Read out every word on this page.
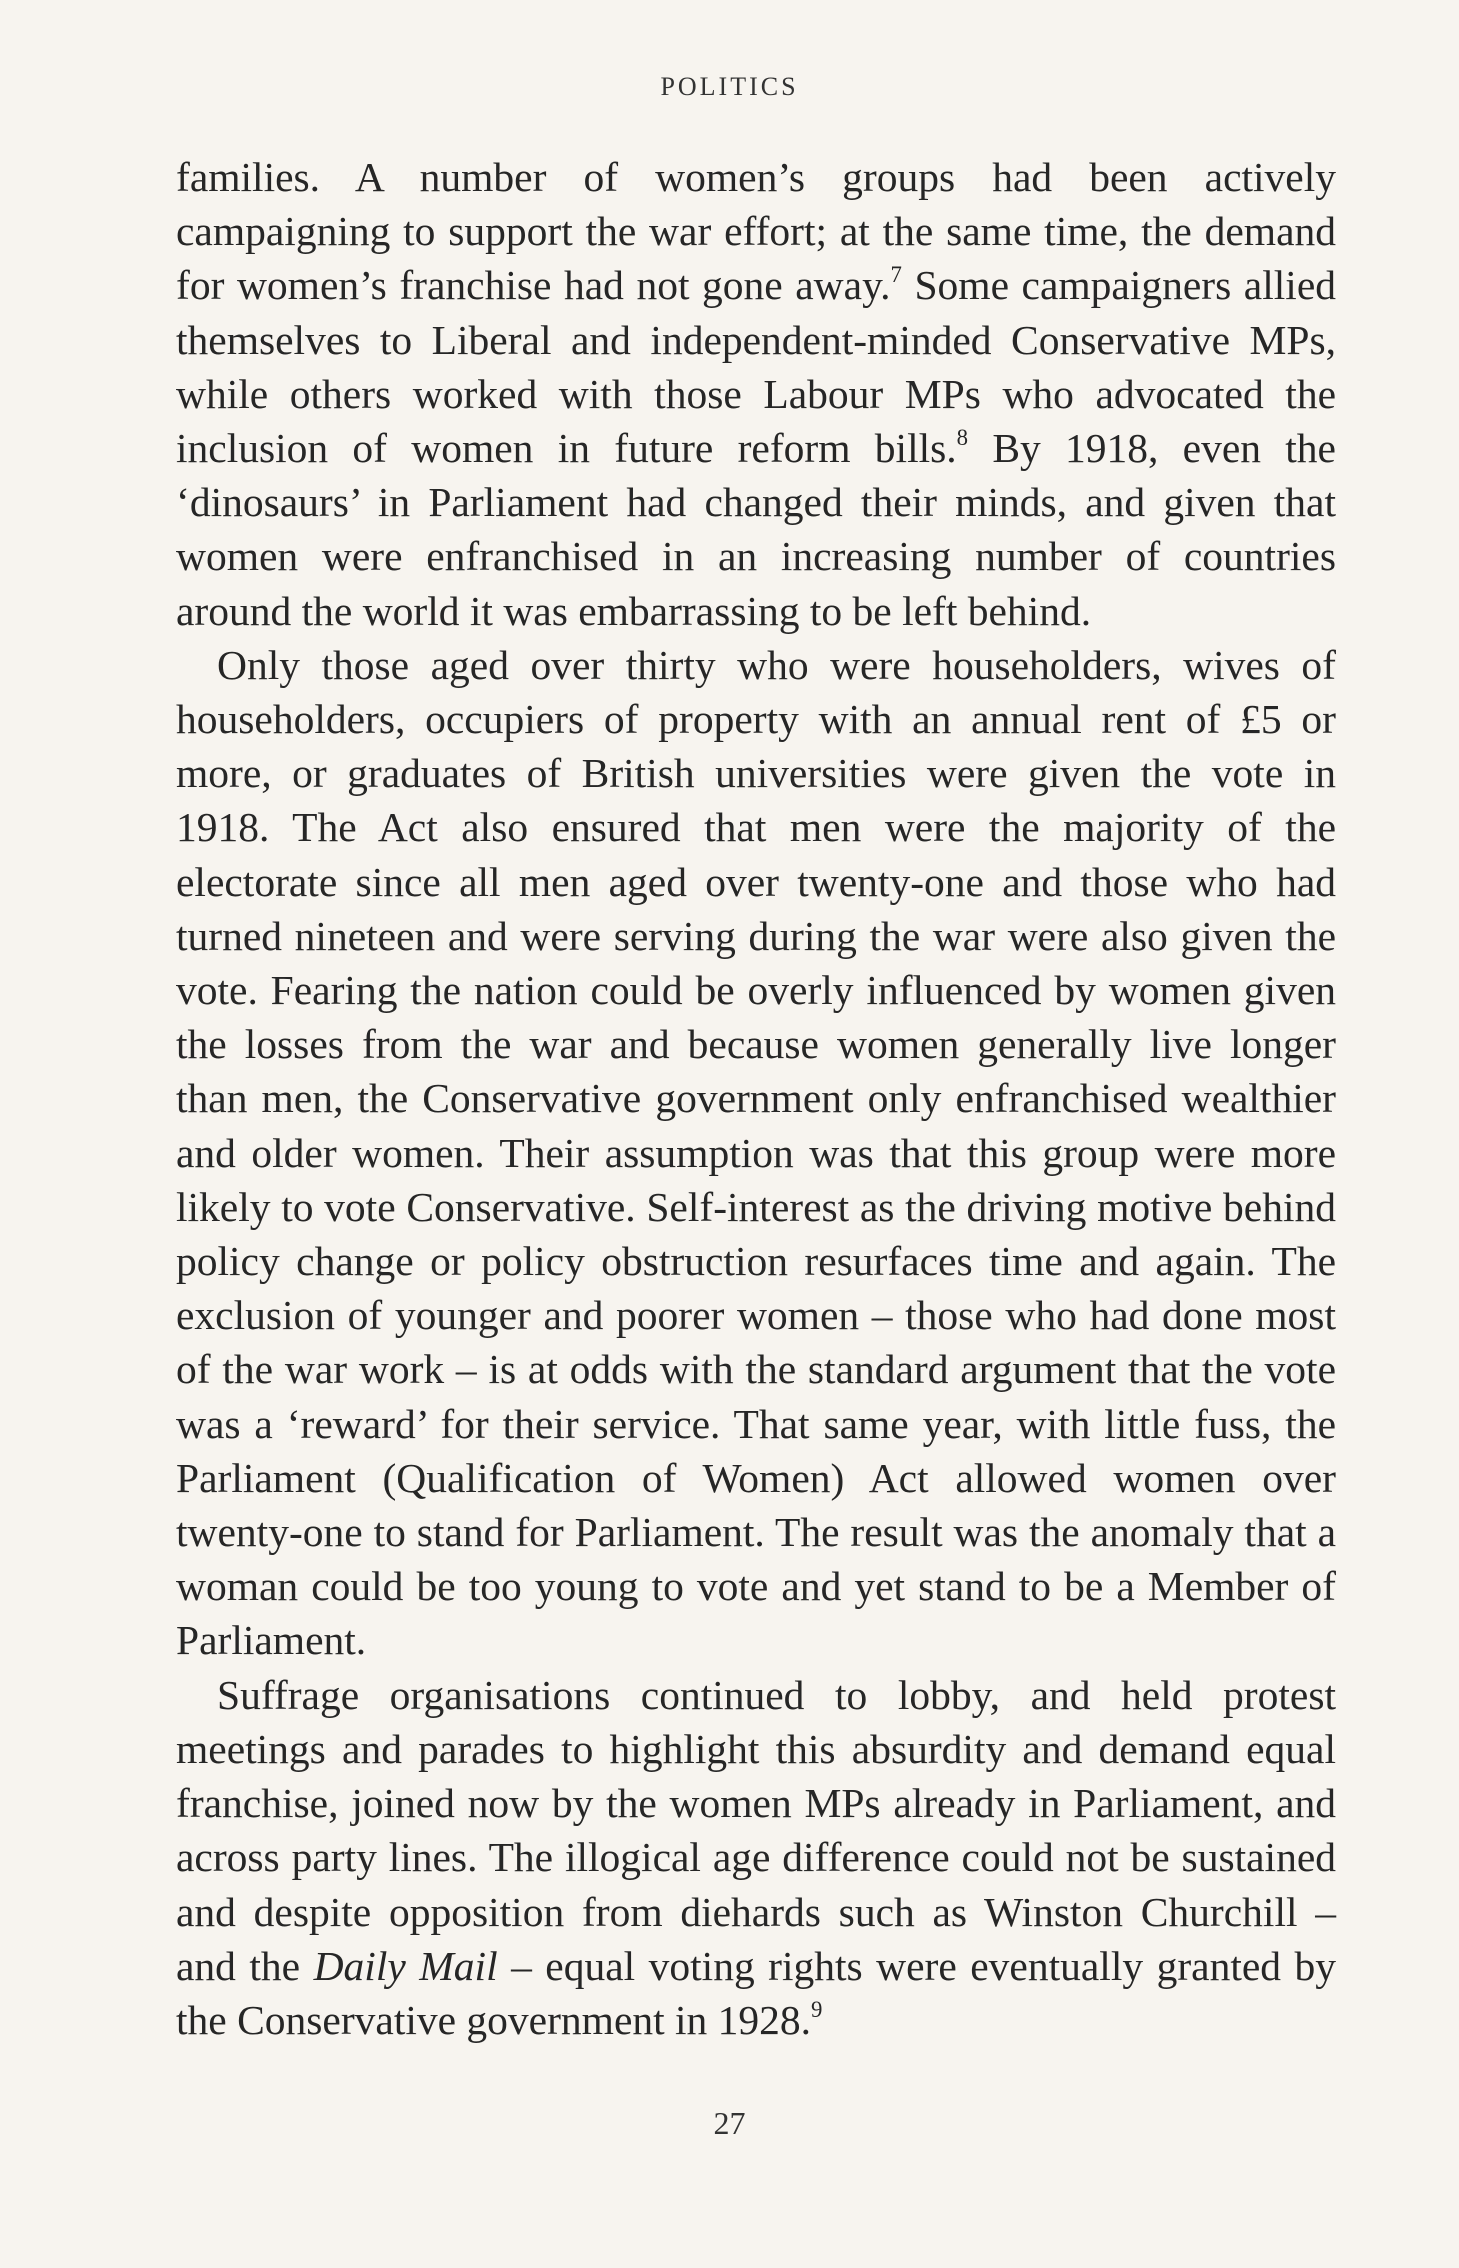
POLITICS

families. A number of women’s groups had been actively campaigning to support the war effort; at the same time, the demand for women’s franchise had not gone away.$^7$ Some campaigners allied themselves to Liberal and independent-minded Conservative MPs, while others worked with those Labour MPs who advocated the inclusion of women in future reform bills.$^8$ By 1918, even the ‘dinosaurs’ in Parliament had changed their minds, and given that women were enfranchised in an increasing number of countries around the world it was embarrassing to be left behind.

Only those aged over thirty who were householders, wives of householders, occupiers of property with an annual rent of £5 or more, or graduates of British universities were given the vote in 1918. The Act also ensured that men were the majority of the electorate since all men aged over twenty-one and those who had turned nineteen and were serving during the war were also given the vote. Fearing the nation could be overly influenced by women given the losses from the war and because women generally live longer than men, the Conservative government only enfranchised wealthier and older women. Their assumption was that this group were more likely to vote Conservative. Self-interest as the driving motive behind policy change or policy obstruction resurfaces time and again. The exclusion of younger and poorer women – those who had done most of the war work – is at odds with the standard argument that the vote was a ‘reward’ for their service. That same year, with little fuss, the Parliament (Qualification of Women) Act allowed women over twenty-one to stand for Parliament. The result was the anomaly that a woman could be too young to vote and yet stand to be a Member of Parliament.

Suffrage organisations continued to lobby, and held protest meetings and parades to highlight this absurdity and demand equal franchise, joined now by the women MPs already in Parliament, and across party lines. The illogical age difference could not be sustained and despite opposition from diehards such as Winston Churchill – and the Daily Mail – equal voting rights were eventually granted by the Conservative government in 1928.$^9$

27
